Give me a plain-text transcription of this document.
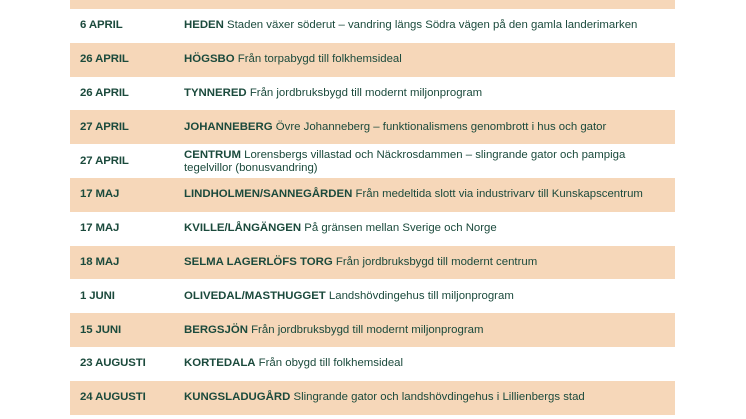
6 APRIL	HEDEN Staden växer söderut – vandring längs Södra vägen på den gamla landerimarken
26 APRIL	HÖGSBO Från torpabygd till folkhemsideal
26 APRIL	TYNNERED Från jordbruksbygd till modernt miljonprogram
27 APRIL	JOHANNEBERG Övre Johanneberg – funktionalismens genombrott i hus och gator
27 APRIL	CENTRUM Lorensbergs villastad och Näckrosdammen – slingrande gator och pampiga tegelvillor (bonusvandring)
17 MAJ	LINDHOLMEN/SANNEGÅRDEN Från medeltida slott via industrivarv till Kunskapscentrum
17 MAJ	KVILLE/LÅNGÄNGEN På gränsen mellan Sverige och Norge
18 MAJ	SELMA LAGERLÖFS TORG Från jordbruksbygd till modernt centrum
1 JUNI	OLIVEDAL/MASTHUGGET Landshövdingehus till miljonprogram
15 JUNI	BERGSJÖN Från jordbruksbygd till modernt miljonprogram
23 AUGUSTI	KORTEDALA Från obygd till folkhemsideal
24 AUGUSTI	KUNGSLADUGÅRD Slingrande gator och landshövdingehus i Lillienbergs stad
